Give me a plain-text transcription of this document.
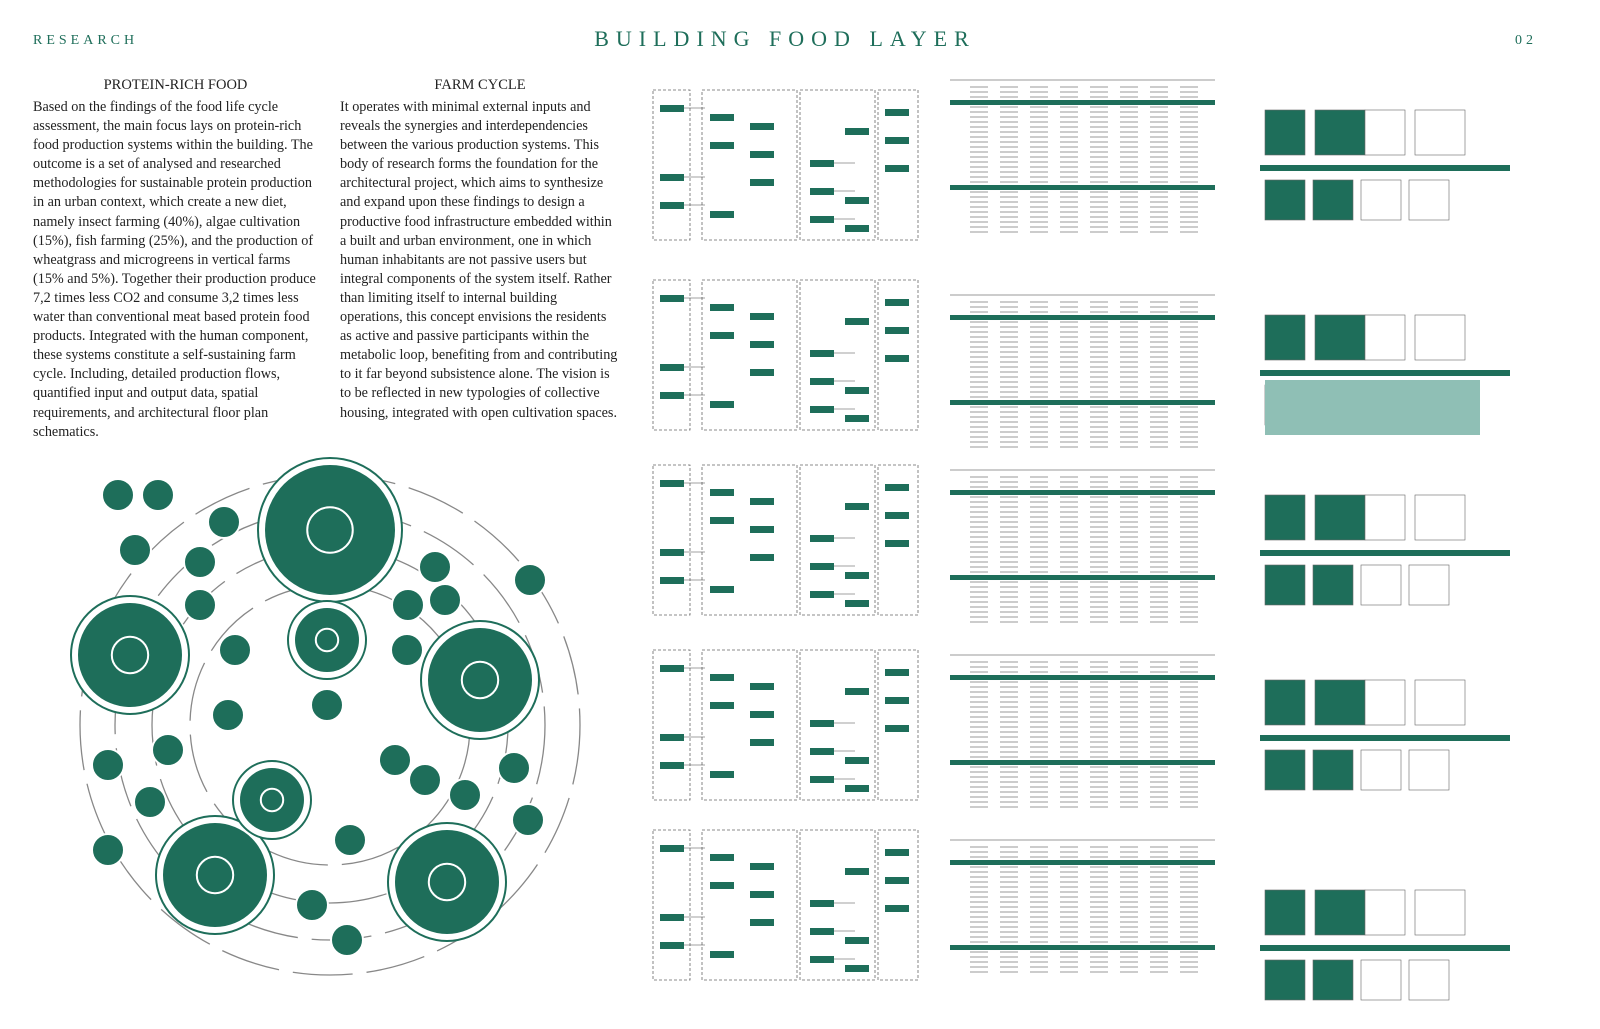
RESEARCH	BUILDING FOOD LAYER	02
PROTEIN-RICH FOOD

Based on the findings of the food life cycle assessment, the main focus lays on protein-rich food production systems within the building. The outcome is a set of analysed and researched methodologies for sustainable protein production in an urban context, which create a new diet, namely insect farming (40%), algae cultivation (15%), fish farming (25%), and the production of wheatgrass and microgreens in vertical farms (15% and 5%). Together their production produce 7,2 times less CO2 and consume 3,2 times less water than conventional meat based protein food products. Integrated with the human component, these systems constitute a self-sustaining farm cycle. Including, detailed production flows, quantified input and output data, spatial requirements, and architectural floor plan schematics.

FARM CYCLE

It operates with minimal external inputs and reveals the synergies and interdependencies between the various production systems. This body of research forms the foundation for the architectural project, which aims to synthesize and expand upon these findings to design a productive food infrastructure embedded within a built and urban environment, one in which human inhabitants are not passive users but integral components of the system itself. Rather than limiting itself to internal building operations, this concept envisions the residents as active and passive participants within the metabolic loop, benefiting from and contributing to it far beyond subsistence alone. The vision is to be reflected in new typologies of collective housing, integrated with open cultivation spaces.
